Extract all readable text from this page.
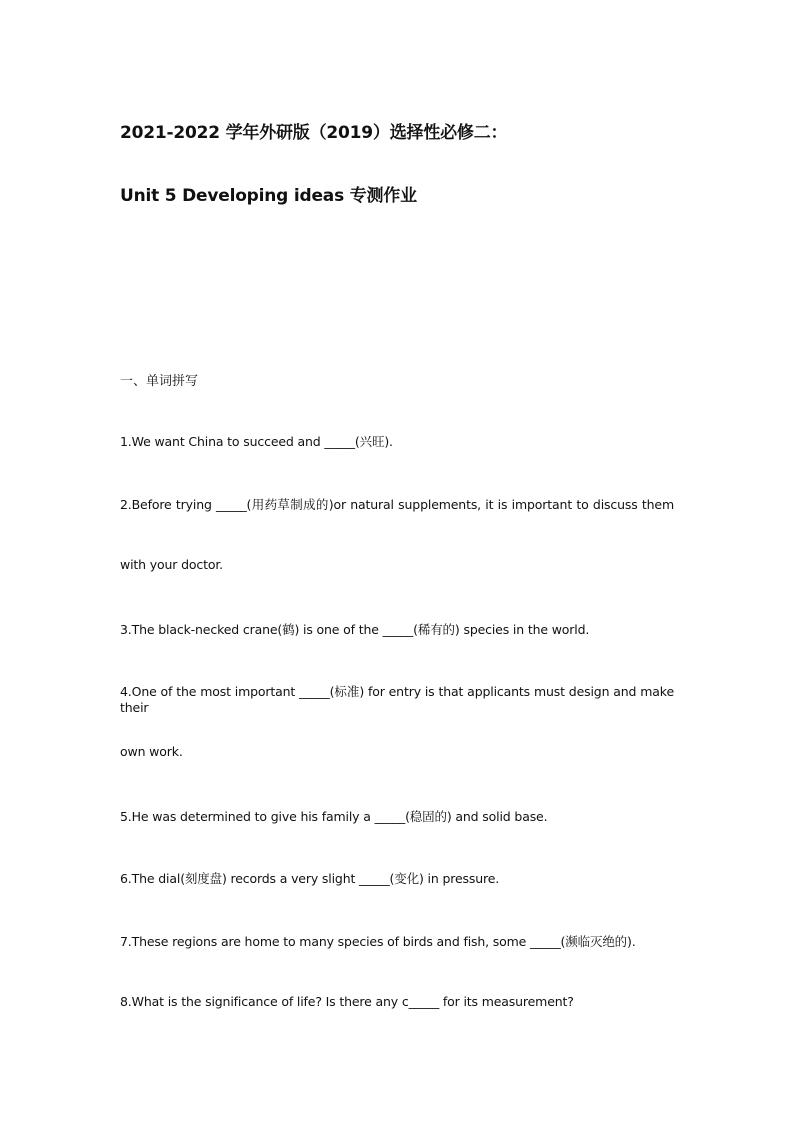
2021-2022 学年外研版（2019）选择性必修二：
Unit 5 Developing ideas 专测作业
一、单词拼写
1.We want China to succeed and _____(兴旺).
2.Before trying _____(用药草制成的)or natural supplements, it is important to discuss them
with your doctor.
3.The black-necked crane(鹤) is one of the _____(稀有的) species in the world.
4.One of the most important _____(标准) for entry is that applicants must design and make their
own work.
5.He was determined to give his family a _____(稳固的) and solid base.
6.The dial(刻度盘) records a very slight _____(变化) in pressure.
7.These regions are home to many species of birds and fish, some _____(濒临灭绝的).
8.What is the significance of life? Is there any c_____ for its measurement?
